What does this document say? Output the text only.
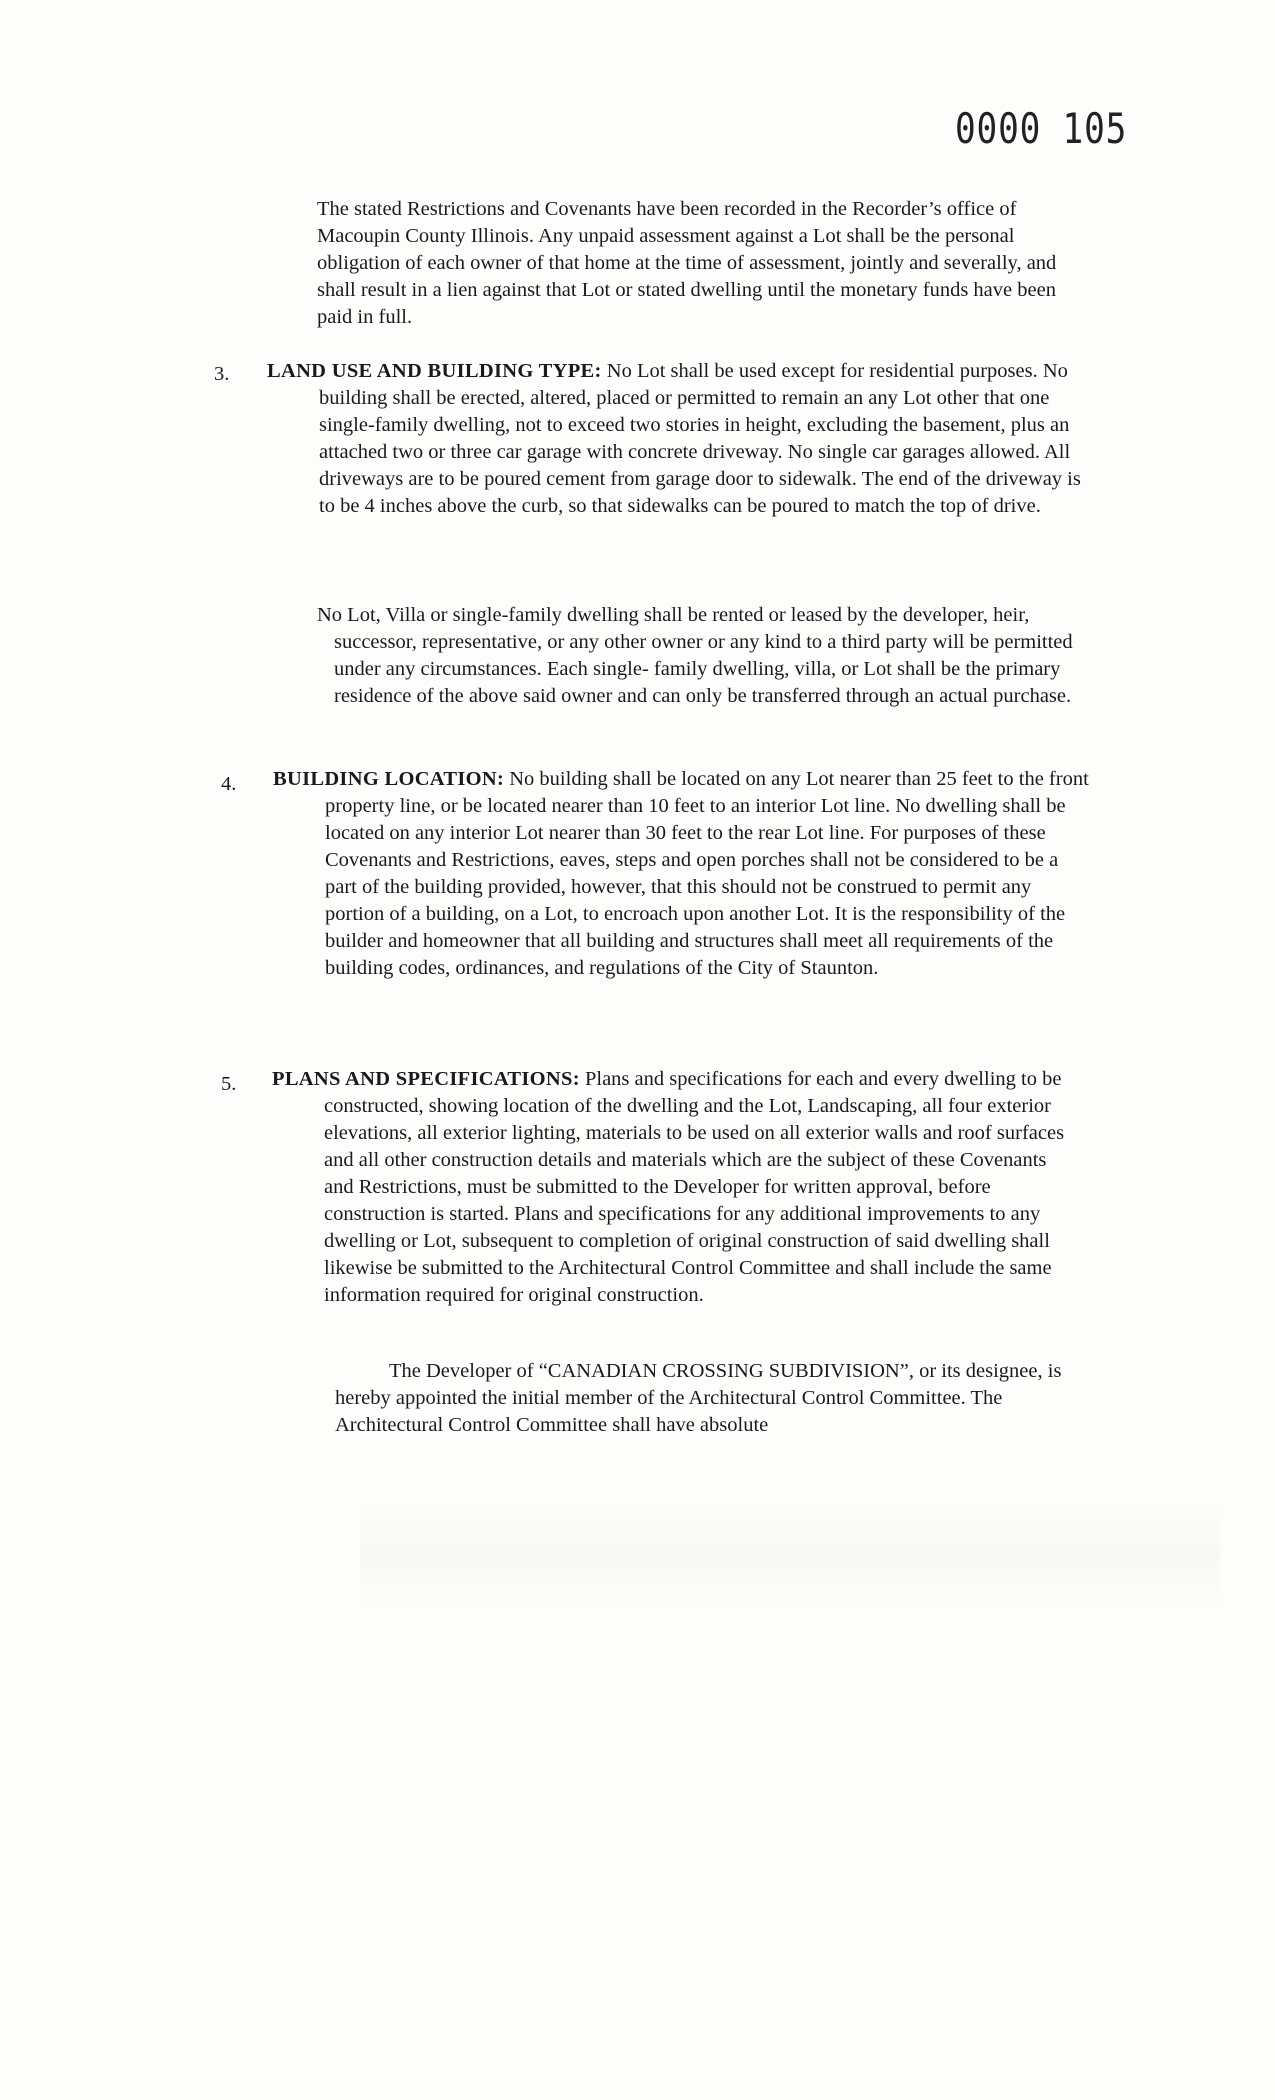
0000 105

The stated Restrictions and Covenants have been recorded in the Recorder’s office of Macoupin County Illinois. Any unpaid assessment against a Lot shall be the personal obligation of each owner of that home at the time of assessment, jointly and severally, and shall result in a lien against that Lot or stated dwelling until the monetary funds have been paid in full.

3. LAND USE AND BUILDING TYPE: No Lot shall be used except for residential purposes. No building shall be erected, altered, placed or permitted to remain an any Lot other that one single-family dwelling, not to exceed two stories in height, excluding the basement, plus an attached two or three car garage with concrete driveway. No single car garages allowed. All driveways are to be poured cement from garage door to sidewalk. The end of the driveway is to be 4 inches above the curb, so that sidewalks can be poured to match the top of drive.

No Lot, Villa or single-family dwelling shall be rented or leased by the developer, heir, successor, representative, or any other owner or any kind to a third party will be permitted under any circumstances. Each single- family dwelling, villa, or Lot shall be the primary residence of the above said owner and can only be transferred through an actual purchase.

4. BUILDING LOCATION: No building shall be located on any Lot nearer than 25 feet to the front property line, or be located nearer than 10 feet to an interior Lot line. No dwelling shall be located on any interior Lot nearer than 30 feet to the rear Lot line. For purposes of these Covenants and Restrictions, eaves, steps and open porches shall not be considered to be a part of the building provided, however, that this should not be construed to permit any portion of a building, on a Lot, to encroach upon another Lot. It is the responsibility of the builder and homeowner that all building and structures shall meet all requirements of the building codes, ordinances, and regulations of the City of Staunton.

5. PLANS AND SPECIFICATIONS: Plans and specifications for each and every dwelling to be constructed, showing location of the dwelling and the Lot, Landscaping, all four exterior elevations, all exterior lighting, materials to be used on all exterior walls and roof surfaces and all other construction details and materials which are the subject of these Covenants and Restrictions, must be submitted to the Developer for written approval, before construction is started. Plans and specifications for any additional improvements to any dwelling or Lot, subsequent to completion of original construction of said dwelling shall likewise be submitted to the Architectural Control Committee and shall include the same information required for original construction.

The Developer of “CANADIAN CROSSING SUBDIVISION”, or its designee, is hereby appointed the initial member of the Architectural Control Committee. The Architectural Control Committee shall have absolute
